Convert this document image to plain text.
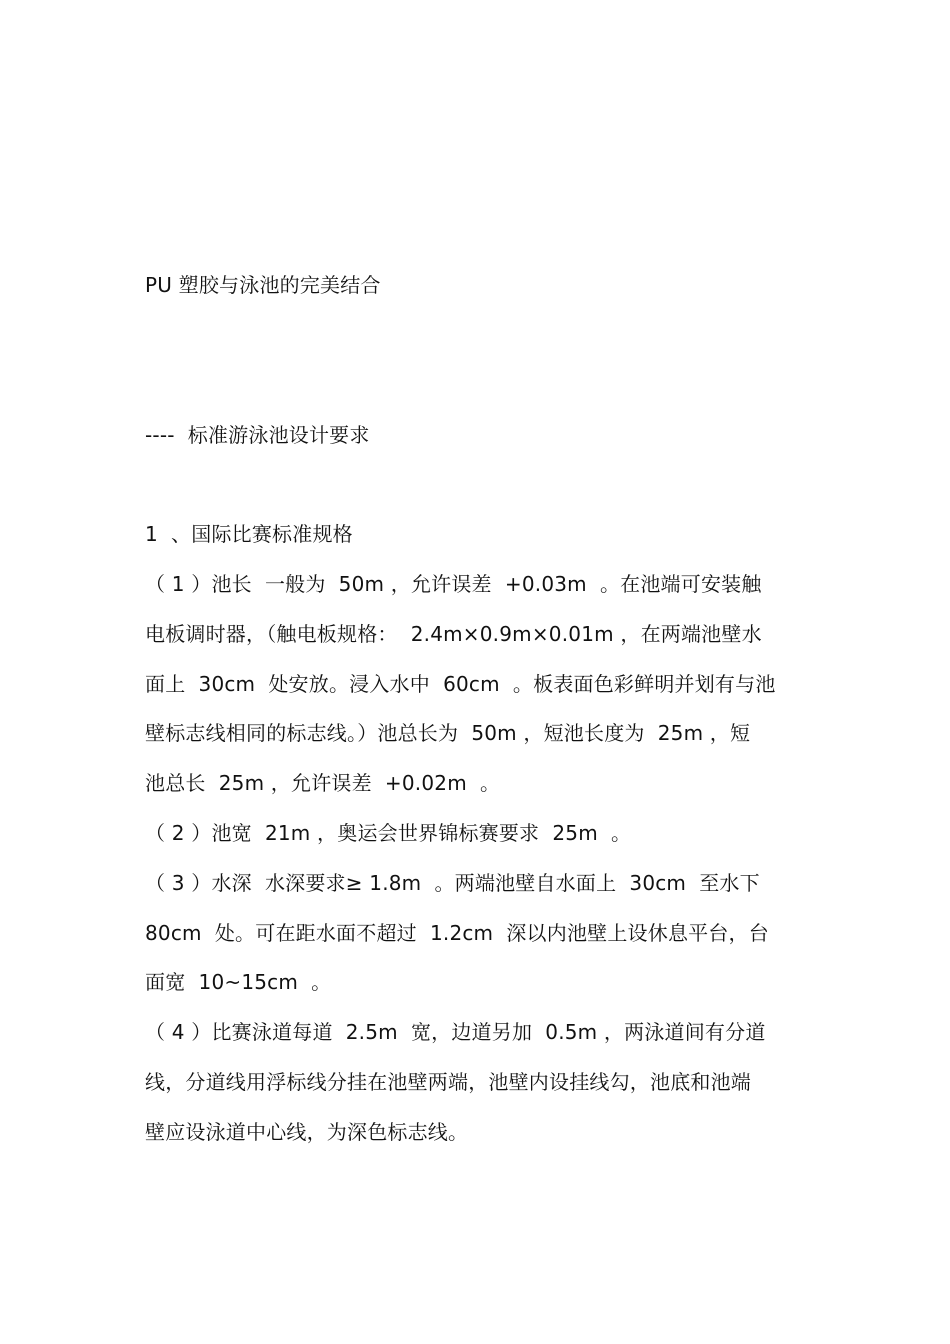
PU 塑胶与泳池的完美结合
----  标准游泳池设计要求
1  、国际比赛标准规格
（ 1 ）池长  一般为  50m ，允许误差  +0.03m  。在池端可安装触
电板调时器，（触电板规格：  2.4m×0.9m×0.01m ，在两端池壁水
面上  30cm  处安放。浸入水中  60cm  。板表面色彩鲜明并划有与池
壁标志线相同的标志线。）池总长为  50m ，短池长度为  25m ，短
池总长  25m ，允许误差  +0.02m  。
（ 2 ）池宽  21m ，奥运会世界锦标赛要求  25m  。
（ 3 ）水深  水深要求≥ 1.8m  。两端池壁自水面上  30cm  至水下
80cm  处。可在距水面不超过  1.2cm  深以内池壁上设休息平台，台
面宽  10~15cm  。
（ 4 ）比赛泳道每道  2.5m  宽，边道另加  0.5m ，两泳道间有分道
线，分道线用浮标线分挂在池壁两端，池壁内设挂线勾，池底和池端
壁应设泳道中心线，为深色标志线。
